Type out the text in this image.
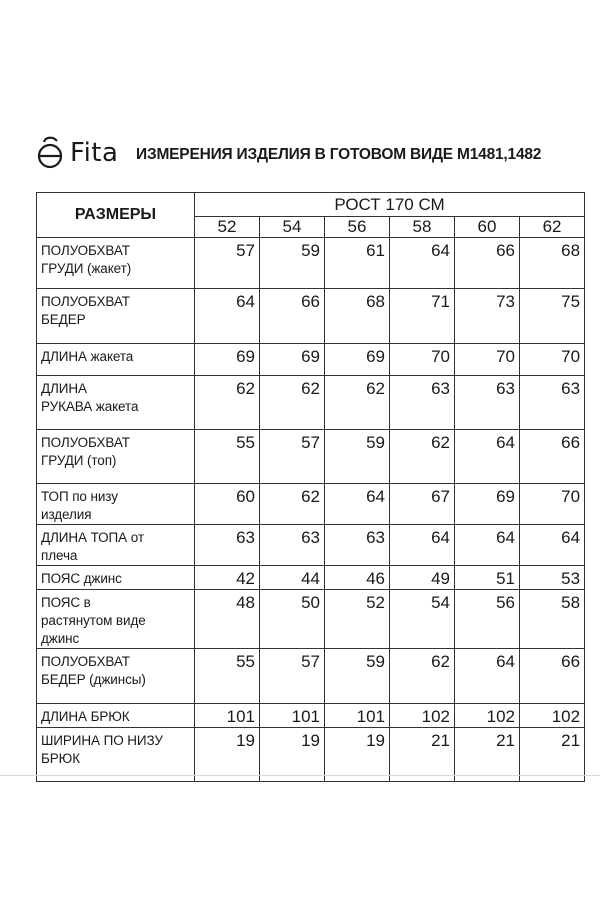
Fita ИЗМЕРЕНИЯ ИЗДЕЛИЯ В ГОТОВОМ ВИДЕ М1481,1482
РАЗМЕРЫ	РОСТ 170 СМ					
	52	54	56	58	60	62
ПОЛУОБХВАТ
ГРУДИ (жакет)	57	59	61	64	66	68
ПОЛУОБХВАТ
БЕДЕР	64	66	68	71	73	75
ДЛИНА жакета	69	69	69	70	70	70
ДЛИНА
РУКАВА жакета	62	62	62	63	63	63
ПОЛУОБХВАТ
ГРУДИ (топ)	55	57	59	62	64	66
ТОП по низу
изделия	60	62	64	67	69	70
ДЛИНА ТОПА от
плеча	63	63	63	64	64	64
ПОЯС джинс	42	44	46	49	51	53
ПОЯС в
растянутом виде
джинс	48	50	52	54	56	58
ПОЛУОБХВАТ
БЕДЕР (джинсы)	55	57	59	62	64	66
ДЛИНА БРЮК	101	101	101	102	102	102
ШИРИНА ПО НИЗУ
БРЮК	19	19	19	21	21	21
